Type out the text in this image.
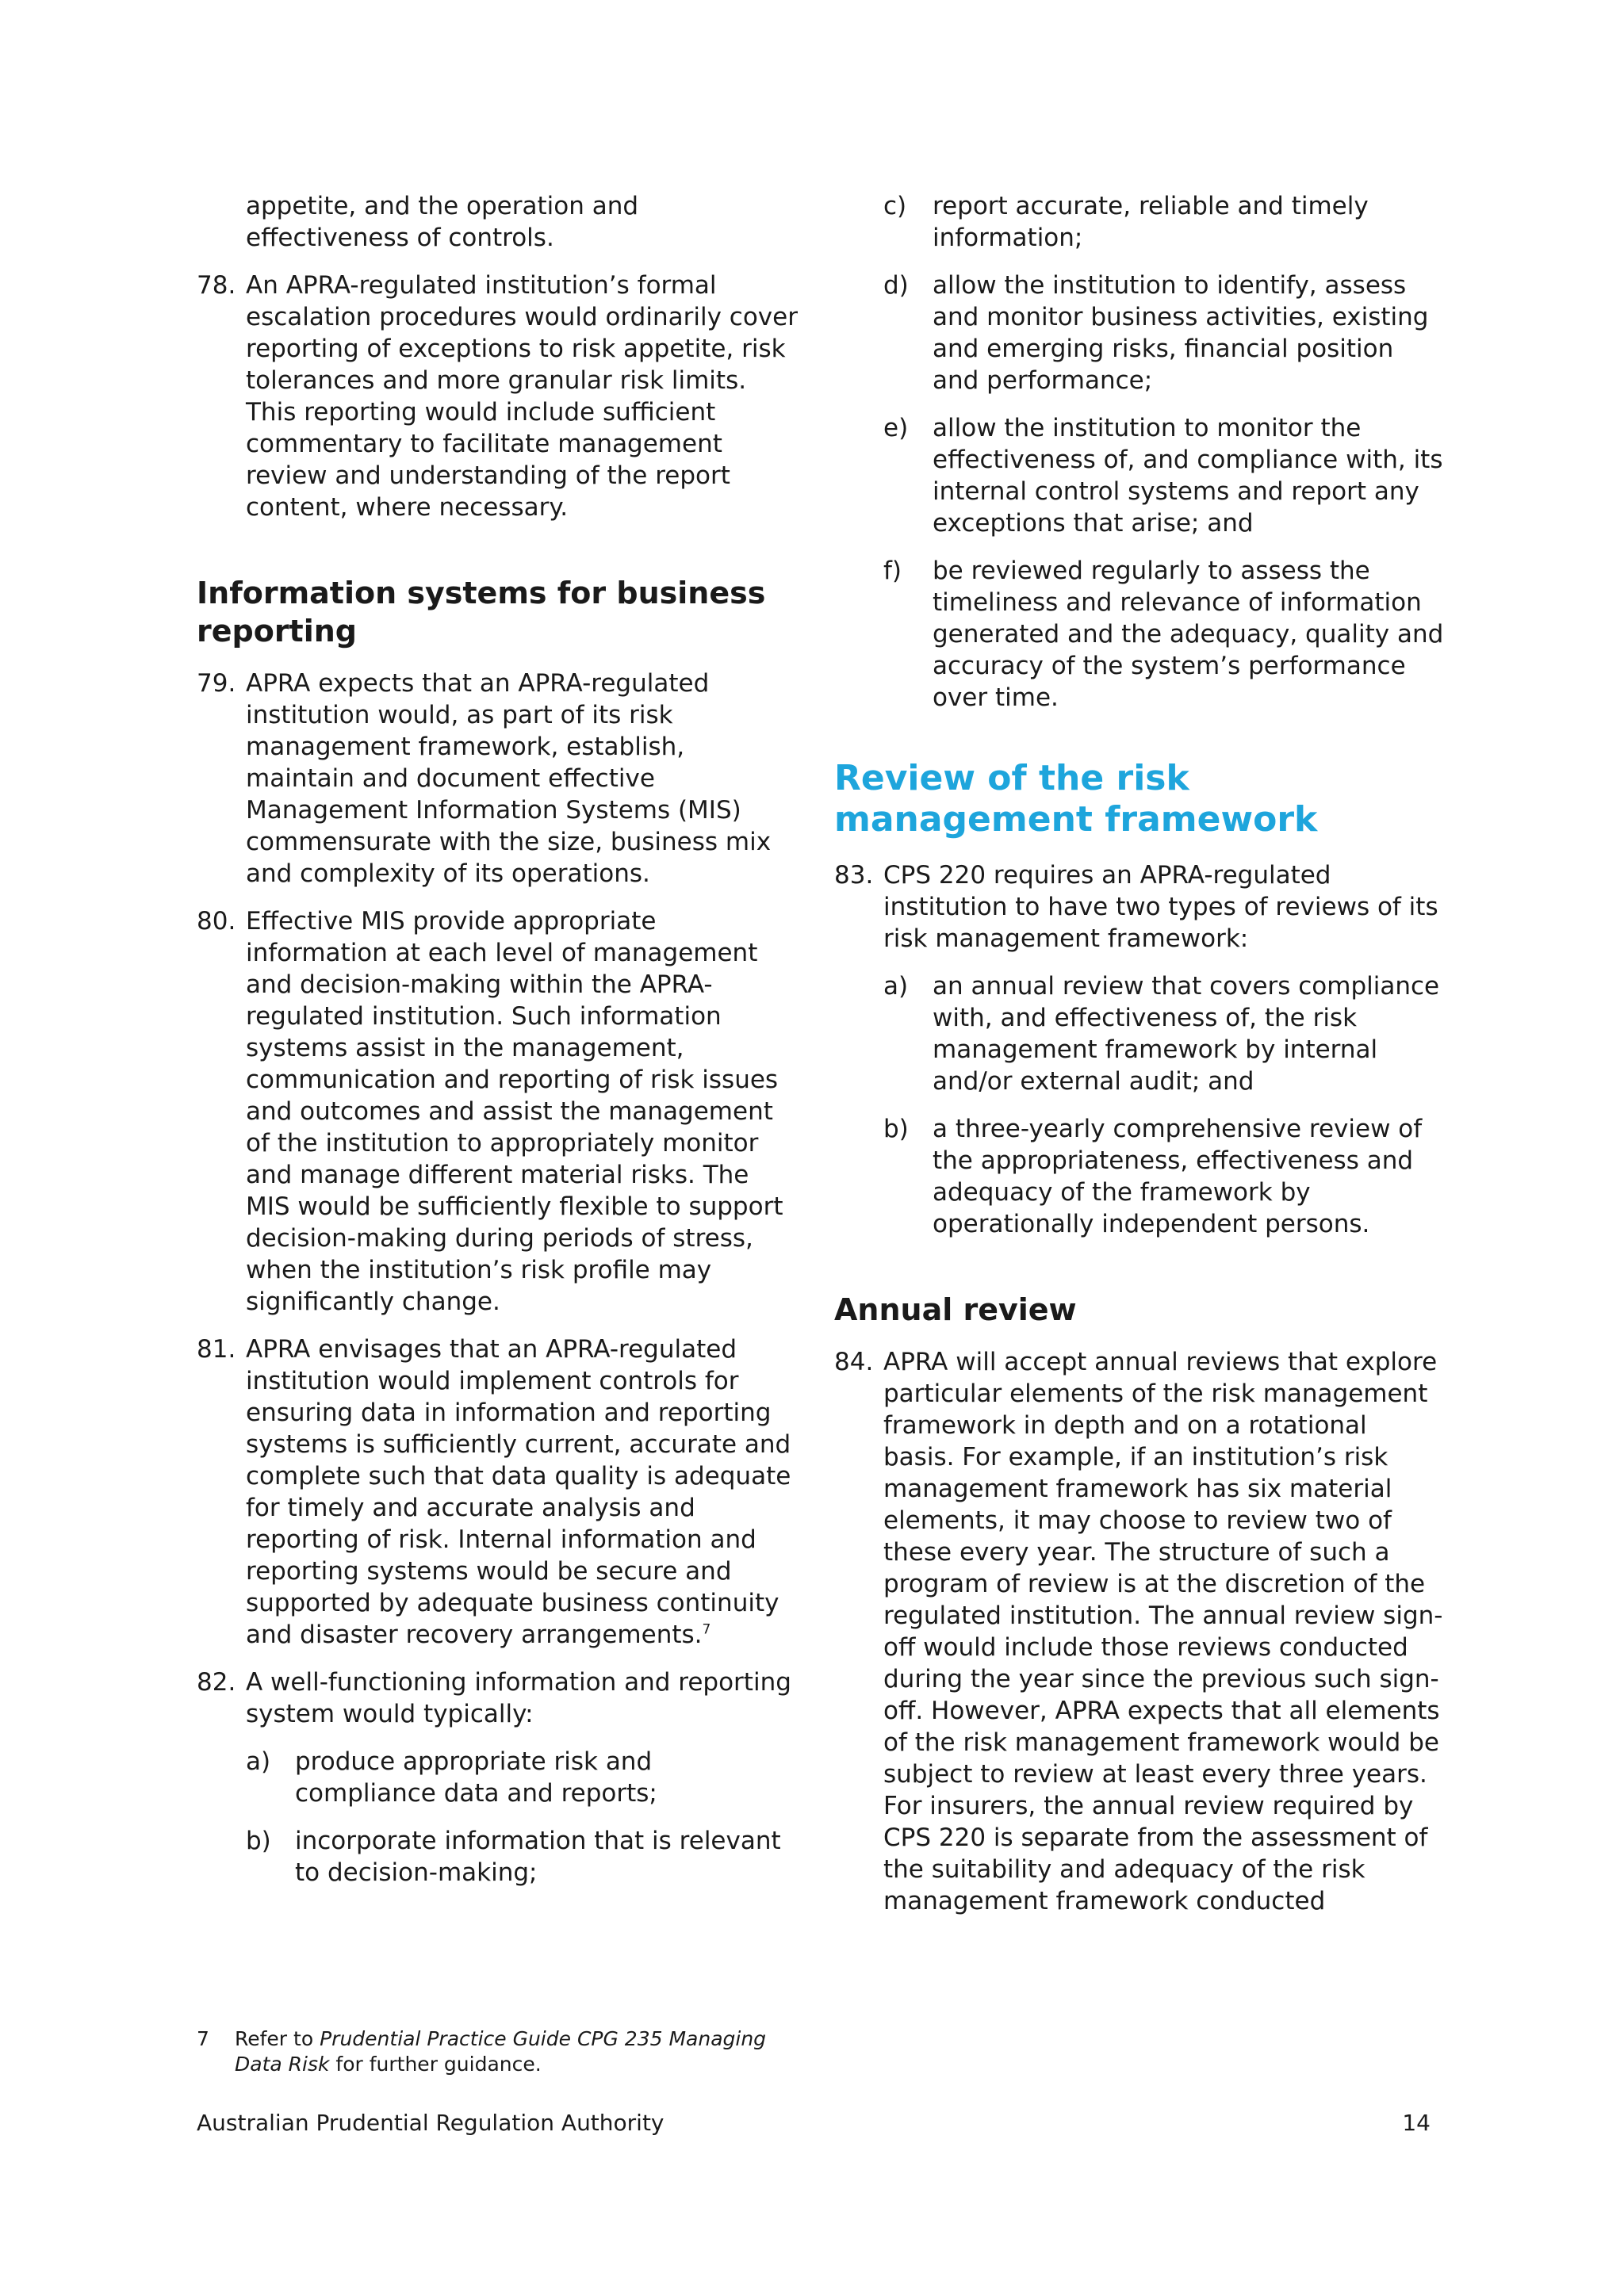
appetite, and the operation and effectiveness of controls.

78. An APRA-regulated institution’s formal escalation procedures would ordinarily cover reporting of exceptions to risk appetite, risk tolerances and more granular risk limits. This reporting would include sufficient commentary to facilitate management review and understanding of the report content, where necessary.
Information systems for business reporting
79. APRA expects that an APRA-regulated institution would, as part of its risk management framework, establish, maintain and document effective Management Information Systems (MIS) commensurate with the size, business mix and complexity of its operations.
80. Effective MIS provide appropriate information at each level of management and decision-making within the APRA-regulated institution. Such information systems assist in the management, communication and reporting of risk issues and outcomes and assist the management of the institution to appropriately monitor and manage different material risks. The MIS would be sufficiently flexible to support decision-making during periods of stress, when the institution’s risk profile may significantly change.
81. APRA envisages that an APRA-regulated institution would implement controls for ensuring data in information and reporting systems is sufficiently current, accurate and complete such that data quality is adequate for timely and accurate analysis and reporting of risk. Internal information and reporting systems would be secure and supported by adequate business continuity and disaster recovery arrangements.$^7$
82. A well-functioning information and reporting system would typically:
a) produce appropriate risk and compliance data and reports;
b) incorporate information that is relevant to decision-making;
c) report accurate, reliable and timely information;
d) allow the institution to identify, assess and monitor business activities, existing and emerging risks, financial position and performance;
e) allow the institution to monitor the effectiveness of, and compliance with, its internal control systems and report any exceptions that arise; and
f) be reviewed regularly to assess the timeliness and relevance of information generated and the adequacy, quality and accuracy of the system’s performance over time.
Review of the risk management framework
83. CPS 220 requires an APRA-regulated institution to have two types of reviews of its risk management framework:
a) an annual review that covers compliance with, and effectiveness of, the risk management framework by internal and/or external audit; and
b) a three-yearly comprehensive review of the appropriateness, effectiveness and adequacy of the framework by operationally independent persons.
Annual review
84. APRA will accept annual reviews that explore particular elements of the risk management framework in depth and on a rotational basis. For example, if an institution’s risk management framework has six material elements, it may choose to review two of these every year. The structure of such a program of review is at the discretion of the regulated institution. The annual review sign-off would include those reviews conducted during the year since the previous such sign-off. However, APRA expects that all elements of the risk management framework would be subject to review at least every three years. For insurers, the annual review required by CPS 220 is separate from the assessment of the suitability and adequacy of the risk management framework conducted
7	Refer to Prudential Practice Guide CPG 235 Managing Data Risk for further guidance.
Australian Prudential Regulation Authority	14
